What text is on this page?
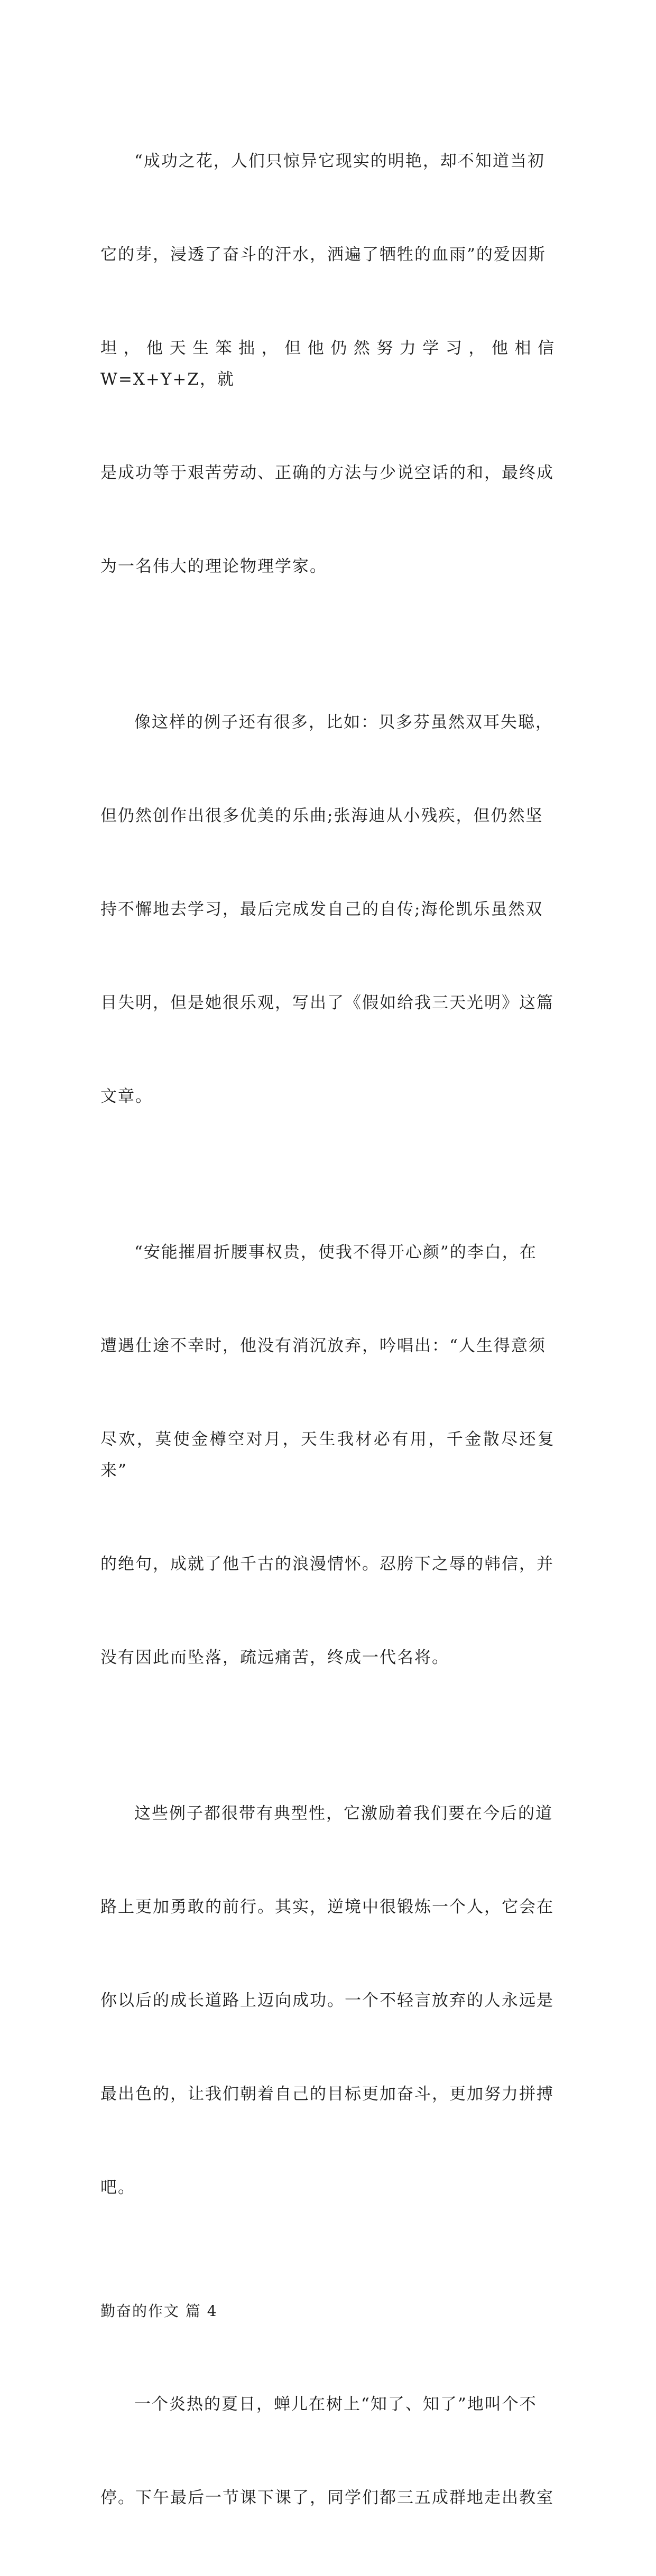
“成功之花，人们只惊异它现实的明艳，却不知道当初

它的芽，浸透了奋斗的汗水，洒遍了牺牲的血雨”的爱因斯

坦，他天生笨拙，但他仍然努力学习，他相信 W=X+Y+Z，就

是成功等于艰苦劳动、正确的方法与少说空话的和，最终成

为一名伟大的理论物理学家。

像这样的例子还有很多，比如：贝多芬虽然双耳失聪，

但仍然创作出很多优美的乐曲;张海迪从小残疾，但仍然坚

持不懈地去学习，最后完成发自己的自传;海伦凯乐虽然双

目失明，但是她很乐观，写出了《假如给我三天光明》这篇

文章。

“安能摧眉折腰事权贵，使我不得开心颜”的李白，在

遭遇仕途不幸时，他没有消沉放弃，吟唱出：“人生得意须

尽欢，莫使金樽空对月，天生我材必有用，千金散尽还复来”

的绝句，成就了他千古的浪漫情怀。忍胯下之辱的韩信，并

没有因此而坠落，疏远痛苦，终成一代名将。

这些例子都很带有典型性，它激励着我们要在今后的道

路上更加勇敢的前行。其实，逆境中很锻炼一个人，它会在

你以后的成长道路上迈向成功。一个不轻言放弃的人永远是

最出色的，让我们朝着自己的目标更加奋斗，更加努力拼搏

吧。

勤奋的作文 篇 4

一个炎热的夏日，蝉儿在树上“知了、知了”地叫个不

停。下午最后一节课下课了，同学们都三五成群地走出教室
